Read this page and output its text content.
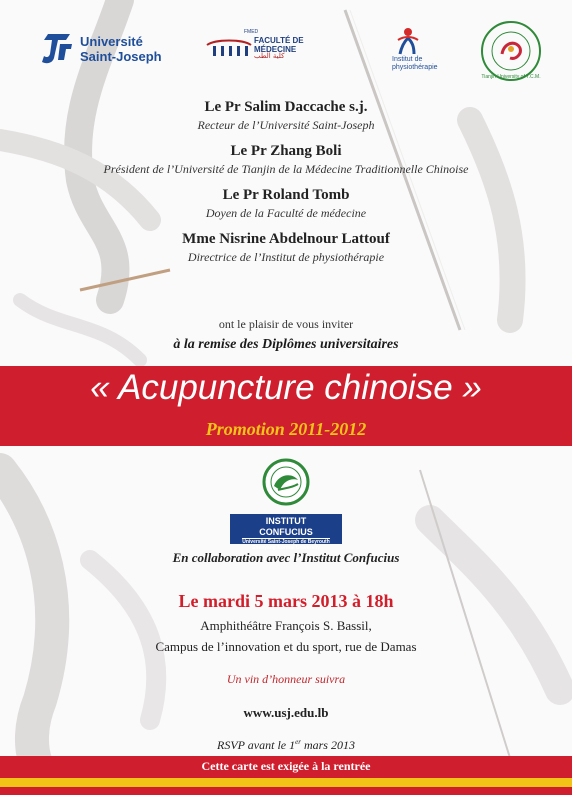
Université
Saint-Joseph
FMED
FACULTÉ DE
MÉDECINE
كلية الطب	Institut de
physiothérapie
Tianjin University of T.C.M.

Le Pr Salim Daccache s.j.

Recteur de l’Université Saint-Joseph

Le Pr Zhang Boli

Président de l’Université de Tianjin de la Médecine Traditionnelle Chinoise

Le Pr Roland Tomb

Doyen de la Faculté de médecine

Mme Nisrine Abdelnour Lattouf

Directrice de l’Institut de physiothérapie

ont le plaisir de vous inviter
à la remise des Diplômes universitaires
« Acupuncture chinoise »
Promotion 2011-2012
INSTITUT CONFUCIUS
Université Saint-Joseph de Beyrouth
Shenyang Normal University
En collaboration avec l’Institut Confucius
Le mardi 5 mars 2013 à 18h
Amphithéâtre François S. Bassil,
Campus de l’innovation et du sport, rue de Damas
Un vin d’honneur suivra
www.usj.edu.lb
RSVP avant le 1er mars 2013
Cette carte est exigée à la rentrée
